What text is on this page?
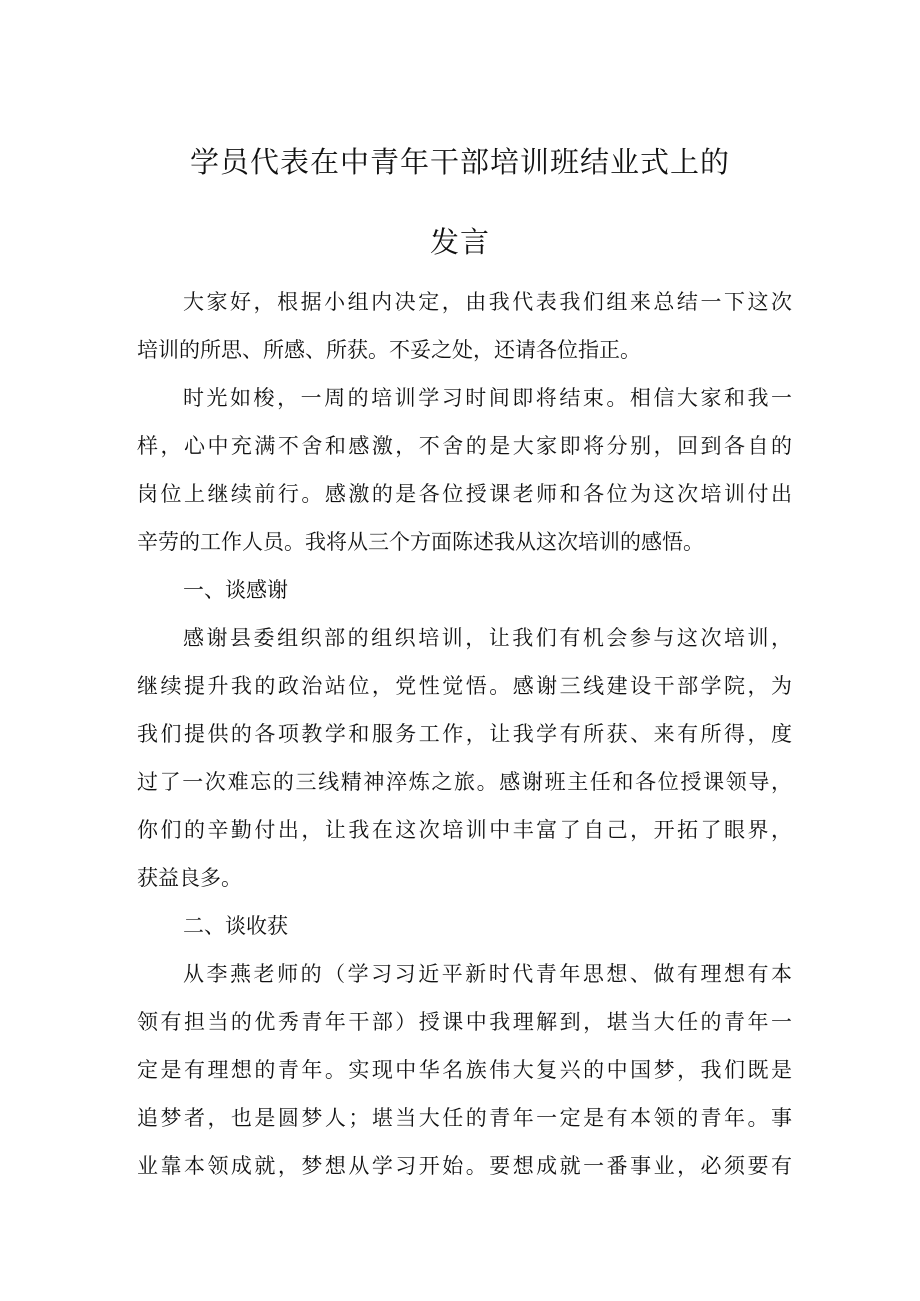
学员代表在中青年干部培训班结业式上的
发言
大家好，根据小组内决定，由我代表我们组来总结一下这次
培训的所思、所感、所获。不妥之处，还请各位指正。
时光如梭，一周的培训学习时间即将结束。相信大家和我一
样，心中充满不舍和感激，不舍的是大家即将分别，回到各自的
岗位上继续前行。感激的是各位授课老师和各位为这次培训付出
辛劳的工作人员。我将从三个方面陈述我从这次培训的感悟。
一、谈感谢
感谢县委组织部的组织培训，让我们有机会参与这次培训，
继续提升我的政治站位，党性觉悟。感谢三线建设干部学院，为
我们提供的各项教学和服务工作，让我学有所获、来有所得，度
过了一次难忘的三线精神淬炼之旅。感谢班主任和各位授课领导，
你们的辛勤付出，让我在这次培训中丰富了自己，开拓了眼界，
获益良多。
二、谈收获
从李燕老师的（学习习近平新时代青年思想、做有理想有本
领有担当的优秀青年干部）授课中我理解到，堪当大任的青年一
定是有理想的青年。实现中华名族伟大复兴的中国梦，我们既是
追梦者，也是圆梦人；堪当大任的青年一定是有本领的青年。事
业靠本领成就，梦想从学习开始。要想成就一番事业，必须要有
